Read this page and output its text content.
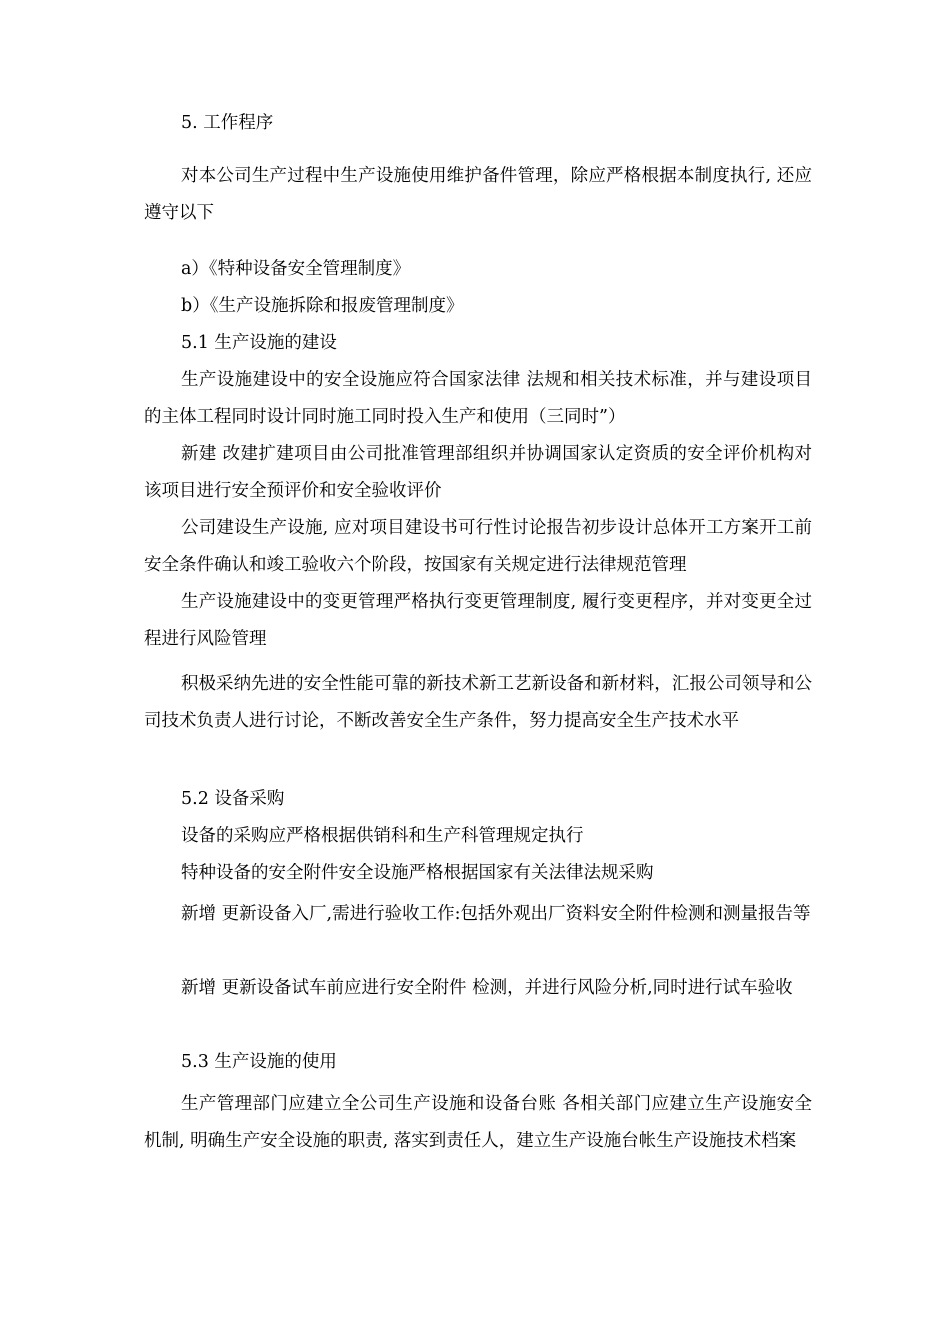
5. 工作程序
对本公司生产过程中生产设施使用维护备件管理，除应严格根据本制度执行, 还应遵守以下
a）《特种设备安全管理制度》
b）《生产设施拆除和报废管理制度》
5.1 生产设施的建设
生产设施建设中的安全设施应符合国家法律 法规和相关技术标准，并与建设项目的主体工程同时设计同时施工同时投入生产和使用（三同时”）
新建 改建扩建项目由公司批准管理部组织并协调国家认定资质的安全评价机构对该项目进行安全预评价和安全验收评价
公司建设生产设施, 应对项目建设书可行性讨论报告初步设计总体开工方案开工前安全条件确认和竣工验收六个阶段，按国家有关规定进行法律规范管理
生产设施建设中的变更管理严格执行变更管理制度, 履行变更程序，并对变更全过程进行风险管理
积极采纳先进的安全性能可靠的新技术新工艺新设备和新材料，汇报公司领导和公司技术负责人进行讨论，不断改善安全生产条件，努力提高安全生产技术水平
5.2 设备采购
设备的采购应严格根据供销科和生产科管理规定执行
特种设备的安全附件安全设施严格根据国家有关法律法规采购
新增 更新设备入厂,需进行验收工作:包括外观出厂资料安全附件检测和测量报告等
新增 更新设备试车前应进行安全附件 检测，并进行风险分析,同时进行试车验收
5.3 生产设施的使用
生产管理部门应建立全公司生产设施和设备台账 各相关部门应建立生产设施安全机制, 明确生产安全设施的职责, 落实到责任人，建立生产设施台帐生产设施技术档案
